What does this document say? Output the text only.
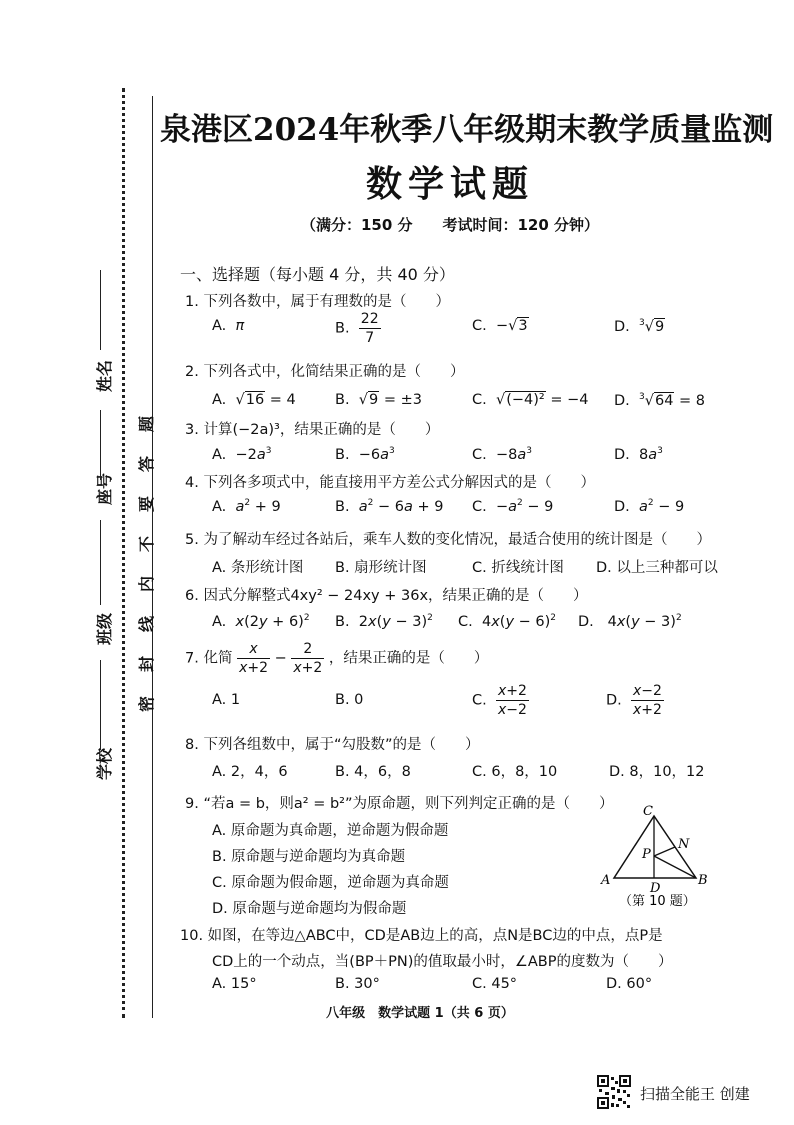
姓名
座号
班级
学校
密　封　线　内　不　要　答　题
泉港区2024年秋季八年级期末教学质量监测
数学试题
（满分：150 分　　考试时间：120 分钟）
一、选择题（每小题 4 分，共 40 分）
1. 下列各数中，属于有理数的是（　　）
A.  π	B. $\frac{22}{7}$	C.  −√3	D.  $^3$√9
2. 下列各式中，化简结果正确的是（　　）
A.  √16 = 4	B.  √9 = ±3	C.  √(−4)² = −4 D.  $^3$√64 = 8
3. 计算(−2a)³，结果正确的是（　　）
A.  $-2a^3$	B.  $-6a^3$	C.  $-8a^3$	D.  $8a^3$
4. 下列各多项式中，能直接用平方差公式分解因式的是（　　）
A.  $a^2 + 9$	B.  $a^2 - 6a + 9$ C.  $-a^2 - 9$	D.  $a^2 - 9$
5. 为了解动车经过各站后，乘车人数的变化情况，最适合使用的统计图是（　　）
A. 条形统计图 B. 扇形统计图	C. 折线统计图 D. 以上三种都可以
6. 因式分解整式4xy² − 24xy + 36x，结果正确的是（　　）
A.  $x(2y + 6)^2$ B.  $2x(y - 3)^2$ C.  $4x(y - 6)^2$ D.   $4x(y - 3)^2$
7. 化简 $\frac{x}{x+2} - \frac{2}{x+2}$ ，结果正确的是（　　）
A. 1	B. 0	C. $\frac{x+2}{x-2}$	D. $\frac{x-2}{x+2}$
8. 下列各组数中，属于“勾股数”的是（　　）
A. 2，4，6	B. 4，6，8	C. 6，8，10	D. 8，10，12
9. “若a = b，则a² = b²”为原命题，则下列判定正确的是（　　）
A. 原命题为真命题，逆命题为假命题
B. 原命题与逆命题均为真命题
C. 原命题为假命题，逆命题为真命题
D. 原命题与逆命题均为假命题
C
N
P
A
D
B
（第 10 题）
10. 如图，在等边△ABC中，CD是AB边上的高，点N是BC边的中点，点P是
CD上的一个动点，当(BP＋PN)的值取最小时，∠ABP的度数为（　　）
A. 15°	B. 30°	C. 45°	D. 60°
八年级　数学试题 1（共 6 页）
扫描全能王 创建
